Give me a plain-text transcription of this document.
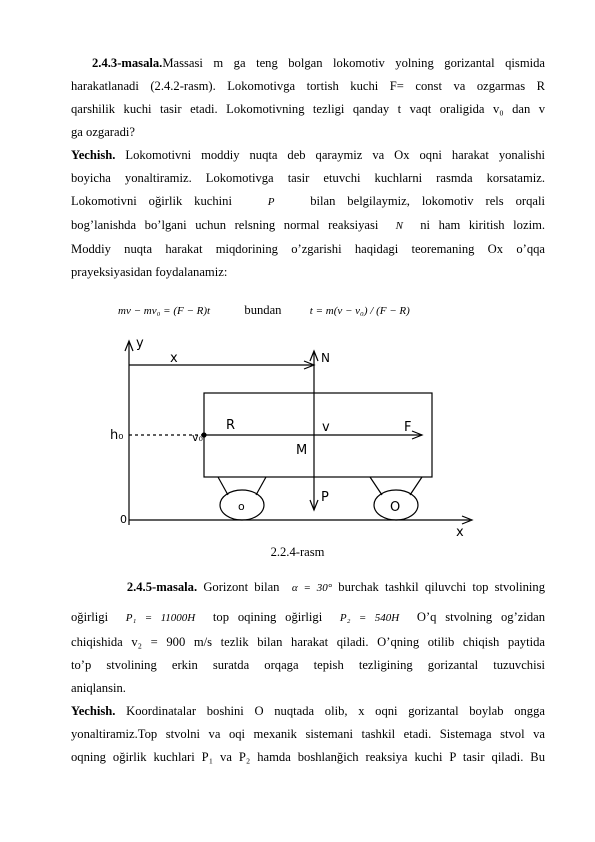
2.4.3-masala.Massasi m ga teng bolgan lokomotiv yolning gorizantal qismida
harakatlanadi (2.4.2-rasm). Lokomotivga tortish kuchi F= const va ozgarmas R
qarshilik kuchi tasir etadi. Lokomotivning tezligi qanday t vaqt oraligida v₀ dan v
ga ozgaradi?
Yechish. Lokomotivni moddiy nuqta deb qaraymiz va Ox oqni harakat yonalishi
boyicha yonaltiramiz. Lokomotivga tasir etuvchi kuchlarni rasmda korsatamiz.
Lokomotivni oğirlik kuchini	P	bilan belgilaymiz, lokomotiv rels orqali
bog’lanishda bo’lgani uchun relsning normal reaksiyasi N ni ham kiritish lozim.
Moddiy nuqta harakat miqdorining o’zgarishi haqidagi teoremaning Ox o’qqa
prayeksiyasidan foydalanamiz:
mv − mv₀ = (F − R)t	bundan	t = m(v − v₀) / (F − R)
y
x
x
h₀	v₀
N
v	F
R
M
P
0
o	O
2.2.4-rasm
2.4.5-masala. Gorizont bilan α = 30° burchak tashkil qiluvchi top stvolining
oğirligi P₁ = 11000H top oqining oğirligi P₂ = 540H O’q stvolning og’zidan
chiqishida v₂ = 900 m/s tezlik bilan harakat qiladi. O’qning otilib chiqish paytida
to’p stvolining erkin suratda orqaga tepish tezligining gorizantal tuzuvchisi
aniqlansin.
Yechish. Koordinatalar boshini O nuqtada olib, x oqni gorizantal boylab ongga
yonaltiramiz.Top stvolni va oqi mexanik sistemani tashkil etadi. Sistemaga stvol va
oqning oğirlik kuchlari P₁ va P₂ hamda boshlanğich reaksiya kuchi P tasir qiladi. Bu
